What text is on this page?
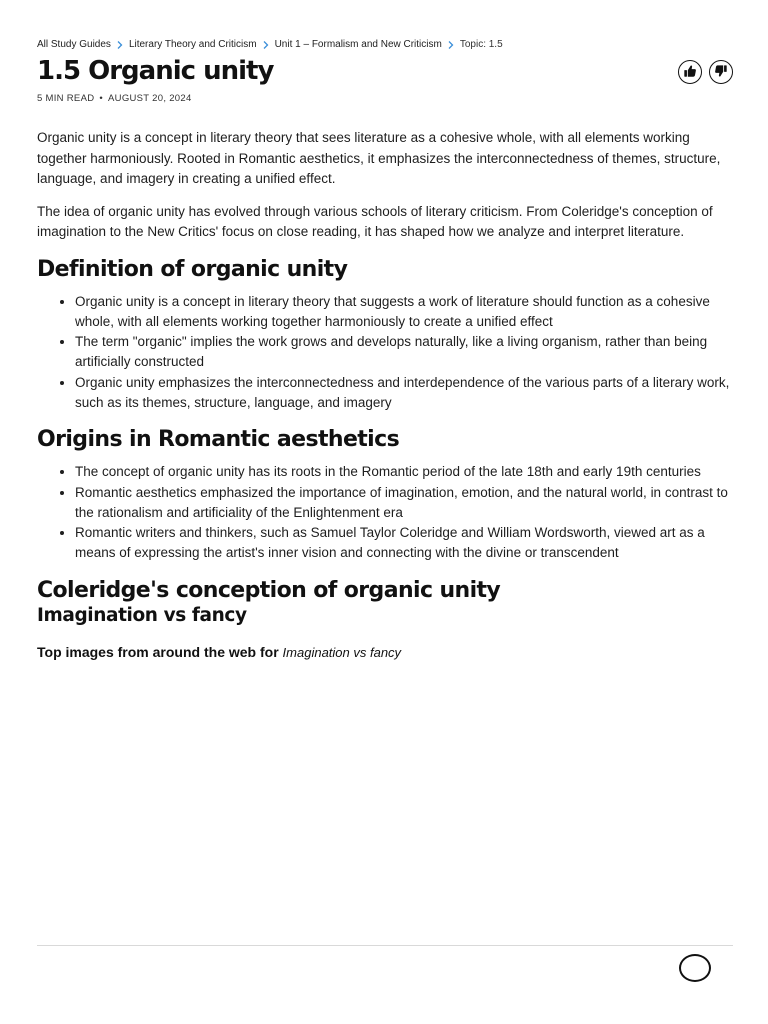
All Study Guides Literary Theory and Criticism Unit 1 – Formalism and New Criticism Topic: 1.5
1.5 Organic unity
5 MIN READ • AUGUST 20, 2024

Organic unity is a concept in literary theory that sees literature as a cohesive whole, with all elements working together harmoniously. Rooted in Romantic aesthetics, it emphasizes the interconnectedness of themes, structure, language, and imagery in creating a unified effect.

The idea of organic unity has evolved through various schools of literary criticism. From Coleridge's conception of imagination to the New Critics' focus on close reading, it has shaped how we analyze and interpret literature.

Definition of organic unity
• Organic unity is a concept in literary theory that suggests a work of literature should function as a cohesive whole, with all elements working together harmoniously to create a unified effect
• The term "organic" implies the work grows and develops naturally, like a living organism, rather than being artificially constructed
• Organic unity emphasizes the interconnectedness and interdependence of the various parts of a literary work, such as its themes, structure, language, and imagery
Origins in Romantic aesthetics
• The concept of organic unity has its roots in the Romantic period of the late 18th and early 19th centuries
• Romantic aesthetics emphasized the importance of imagination, emotion, and the natural world, in contrast to the rationalism and artificiality of the Enlightenment era
• Romantic writers and thinkers, such as Samuel Taylor Coleridge and William Wordsworth, viewed art as a means of expressing the artist's inner vision and connecting with the divine or transcendent
Coleridge's conception of organic unity
Imagination vs fancy
Top images from around the web for Imagination vs fancy
